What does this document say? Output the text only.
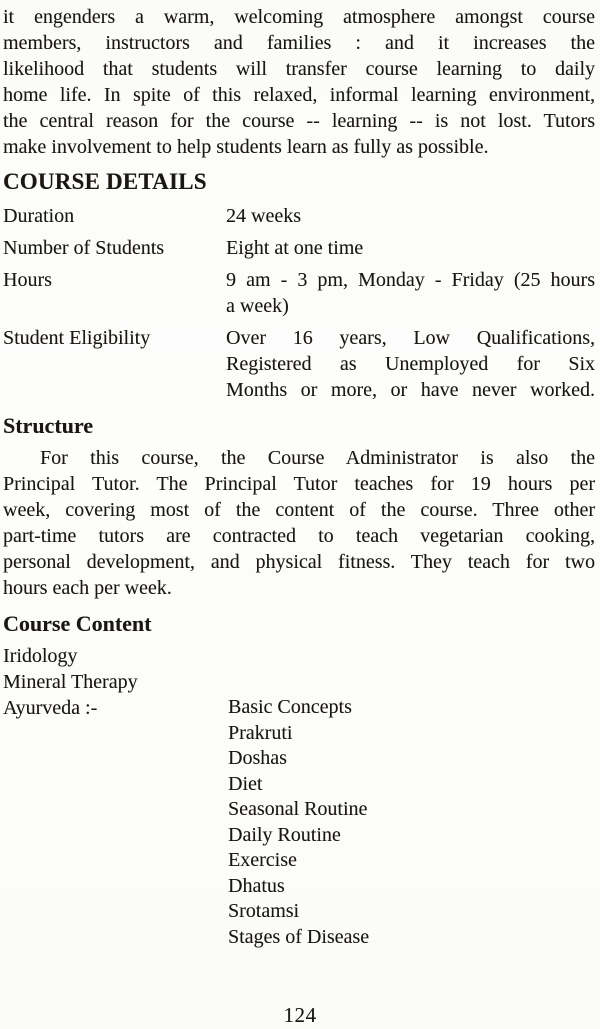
it engenders a warm, welcoming atmosphere amongst course
members, instructors and families : and it increases the
likelihood that students will transfer course learning to daily
home life. In spite of this relaxed, informal learning environment,
the central reason for the course -- learning -- is not lost. Tutors
make involvement to help students learn as fully as possible.
COURSE DETAILS
Duration	24 weeks
Number of Students	Eight at one time
Hours	9 am - 3 pm, Monday - Friday (25 hours
a week)
Student Eligibility	Over 16 years, Low Qualifications,
Registered as Unemployed for Six
Months or more, or have never worked.
Structure
For this course, the Course Administrator is also the
Principal Tutor. The Principal Tutor teaches for 19 hours per
week, covering most of the content of the course. Three other
part-time tutors are contracted to teach vegetarian cooking,
personal development, and physical fitness. They teach for two
hours each per week.
Course Content
Iridology
Mineral Therapy
Ayurveda :-	Basic Concepts
Prakruti
Doshas
Diet
Seasonal Routine
Daily Routine
Exercise
Dhatus
Srotamsi
Stages of Disease
124
